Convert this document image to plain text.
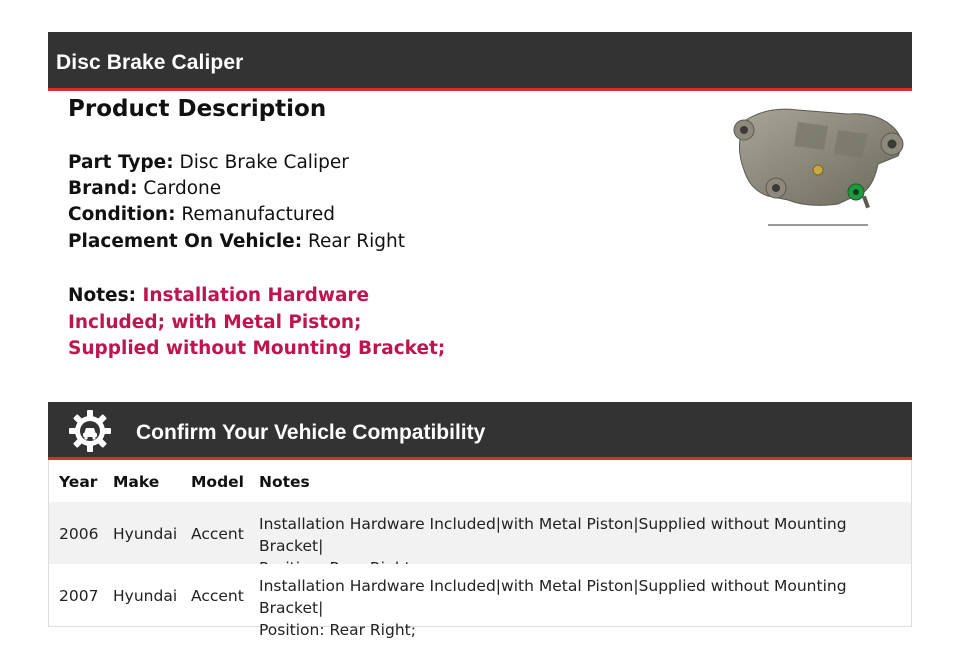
Disc Brake Caliper
Product Description
Part Type: Disc Brake Caliper
Brand: Cardone
Condition: Remanufactured
Placement On Vehicle: Rear Right
Notes: Installation Hardware Included; with Metal Piston; Supplied without Mounting Bracket;
Confirm Your Vehicle Compatibility
Year Make Model Notes
2006 Hyundai Accent
Installation Hardware Included|with Metal Piston|Supplied without Mounting Bracket|
2007 Hyundai Accent
Installation Hardware Included|with Metal Piston|Supplied without Mounting Bracket|
Position: Rear Right;
